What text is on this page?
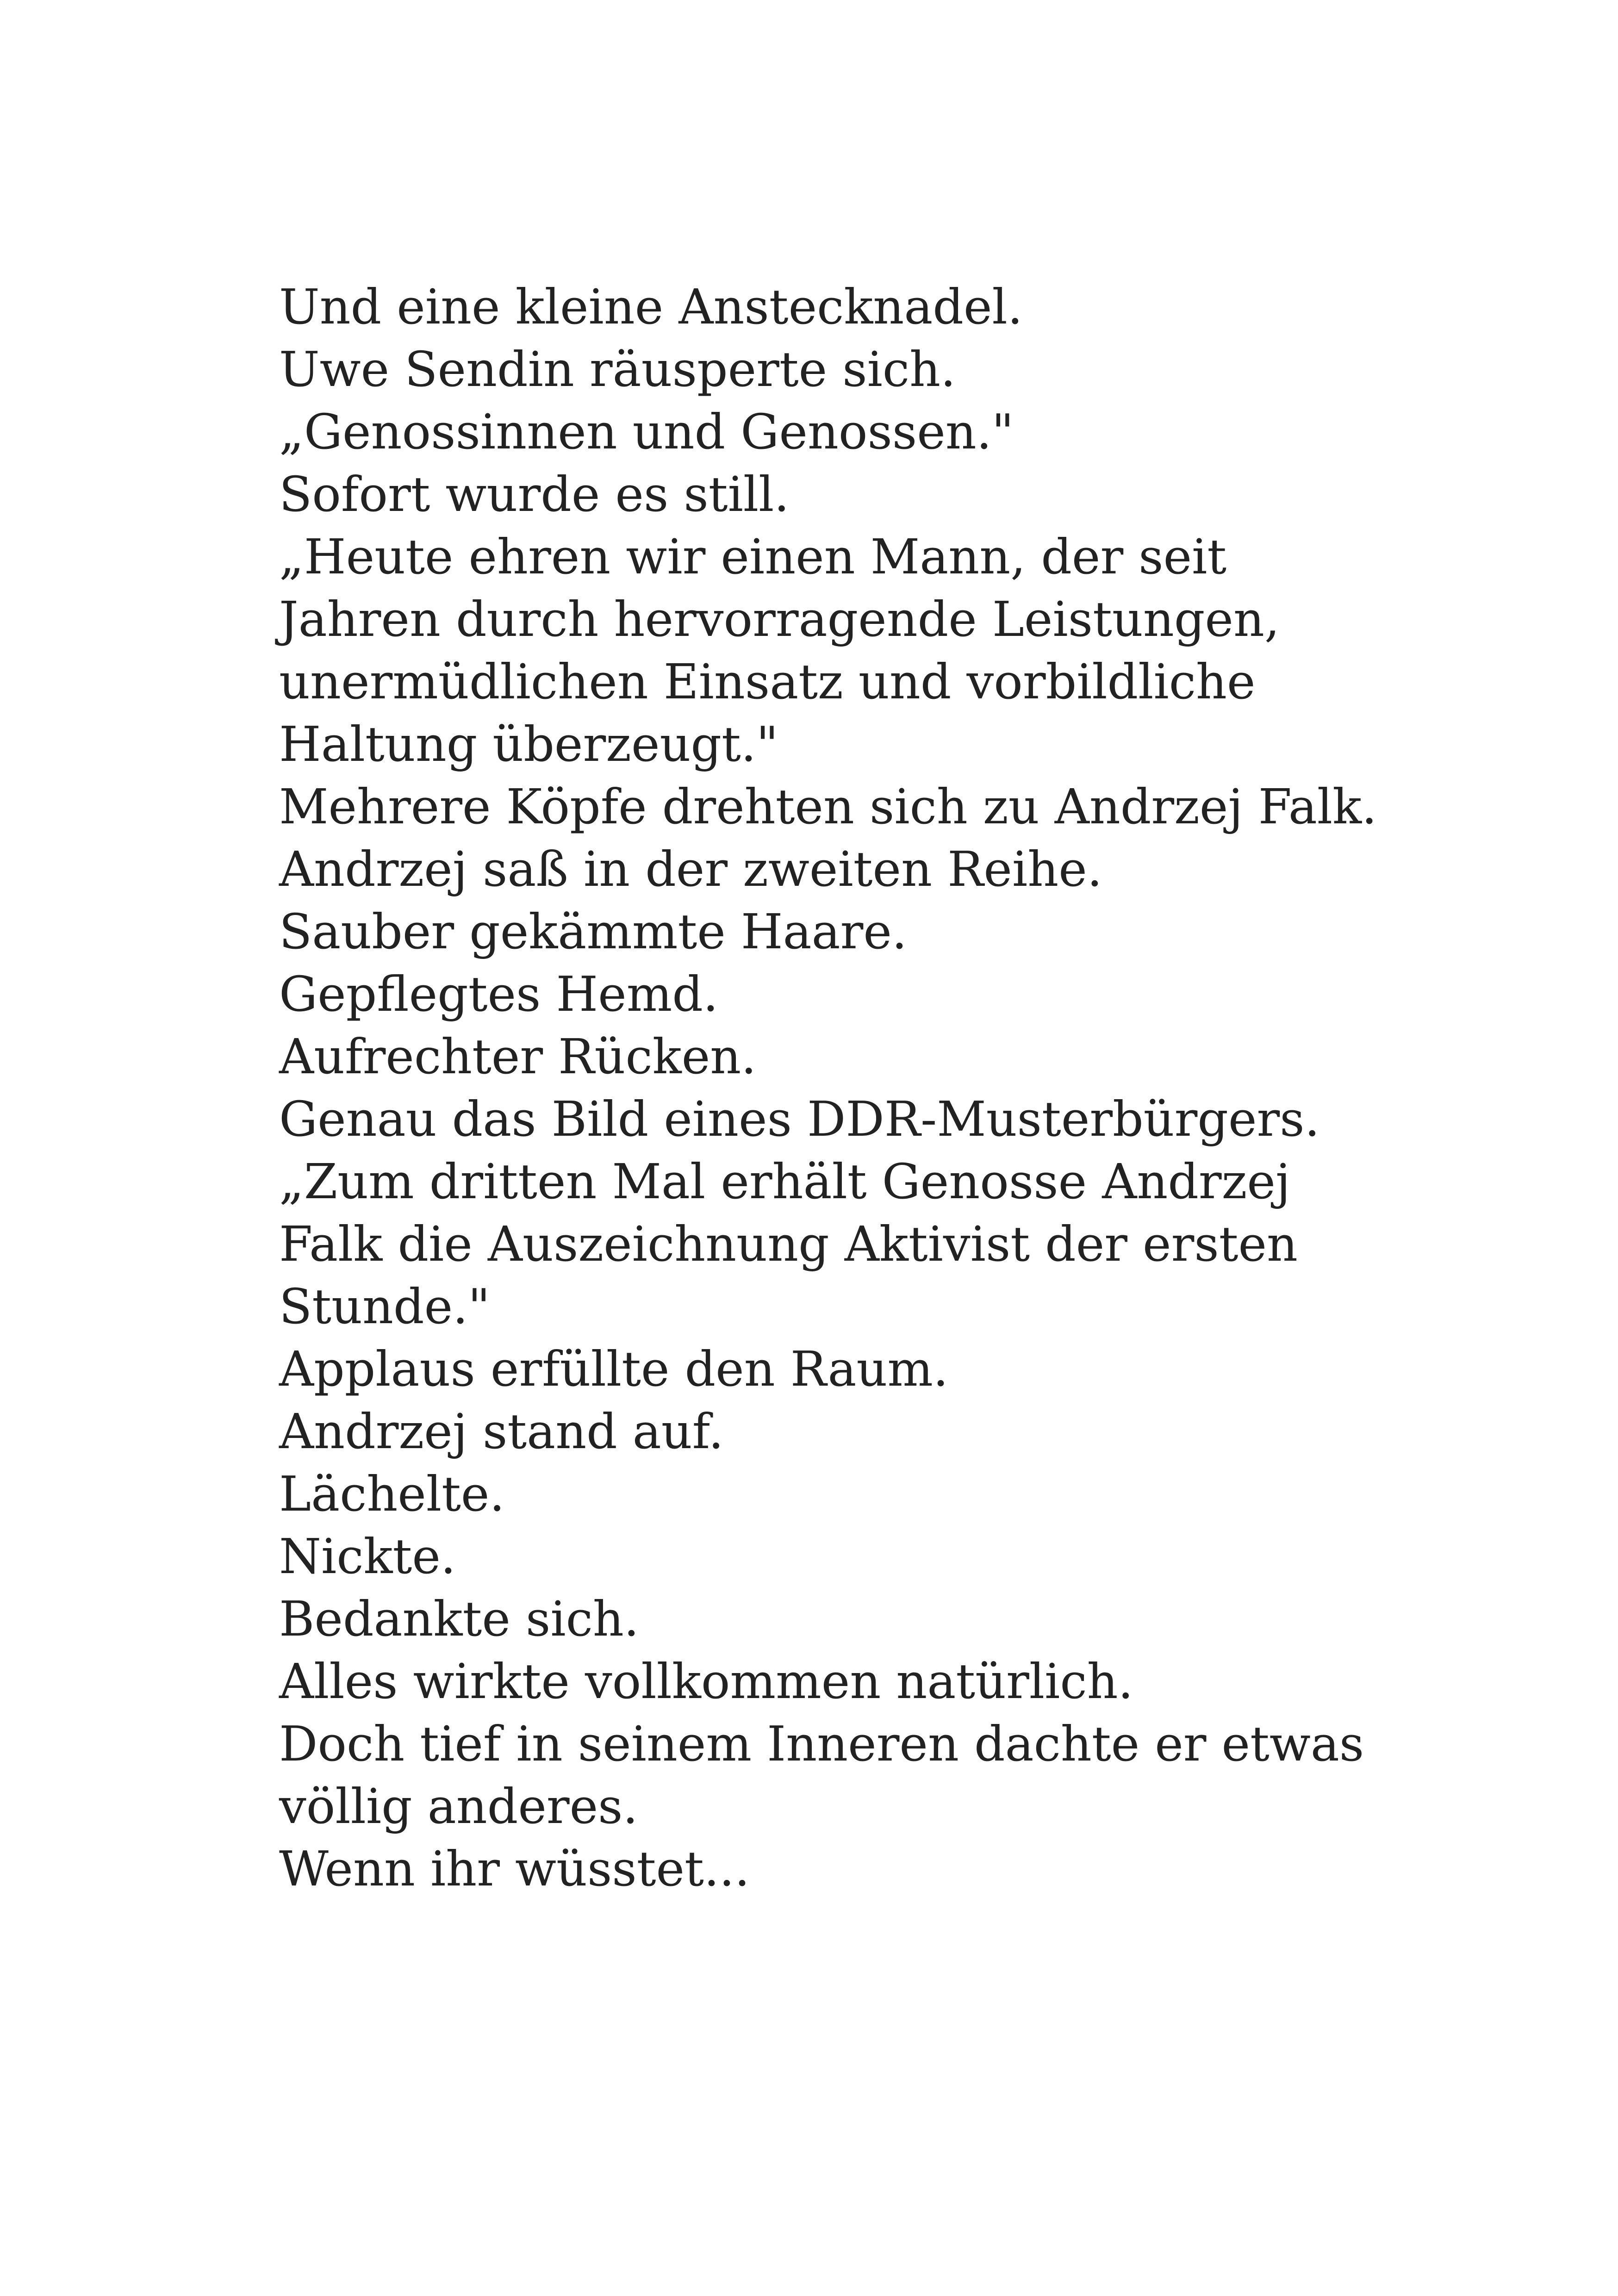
Und eine kleine Anstecknadel.
Uwe Sendin räusperte sich.
„Genossinnen und Genossen."
Sofort wurde es still.
„Heute ehren wir einen Mann, der seit
Jahren durch hervorragende Leistungen,
unermüdlichen Einsatz und vorbildliche
Haltung überzeugt."
Mehrere Köpfe drehten sich zu Andrzej Falk.
Andrzej saß in der zweiten Reihe.
Sauber gekämmte Haare.
Gepflegtes Hemd.
Aufrechter Rücken.
Genau das Bild eines DDR-Musterbürgers.
„Zum dritten Mal erhält Genosse Andrzej
Falk die Auszeichnung Aktivist der ersten
Stunde."
Applaus erfüllte den Raum.
Andrzej stand auf.
Lächelte.
Nickte.
Bedankte sich.
Alles wirkte vollkommen natürlich.
Doch tief in seinem Inneren dachte er etwas
völlig anderes.
Wenn ihr wüsstet...
